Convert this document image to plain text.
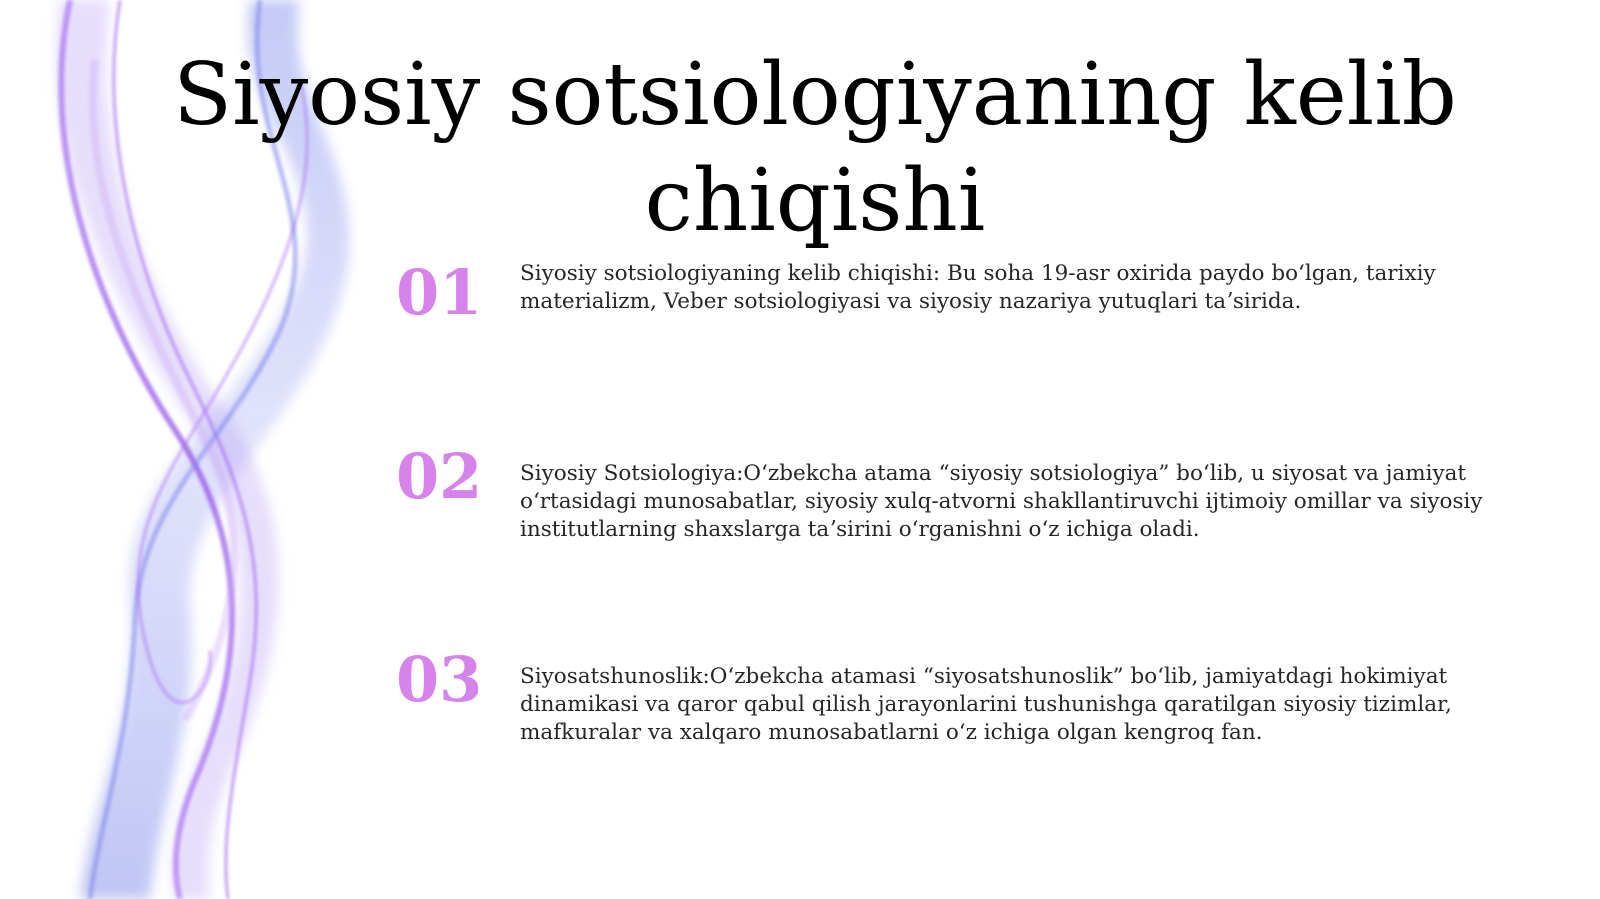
Siyosiy sotsiologiyaning kelib chiqishi
01 Siyosiy sotsiologiyaning kelib chiqishi: Bu soha 19-asr oxirida paydo boʻlgan, tarixiy materializm, Veber sotsiologiyasi va siyosiy nazariya yutuqlari taʼsirida.

02 Siyosiy Sotsiologiya:Oʻzbekcha atama “siyosiy sotsiologiya” boʻlib, u siyosat va jamiyat oʻrtasidagi munosabatlar, siyosiy xulq-atvorni shakllantiruvchi ijtimoiy omillar va siyosiy institutlarning shaxslarga taʼsirini oʻrganishni oʻz ichiga oladi.

03 Siyosatshunoslik:Oʻzbekcha atamasi “siyosatshunoslik” boʻlib, jamiyatdagi hokimiyat dinamikasi va qaror qabul qilish jarayonlarini tushunishga qaratilgan siyosiy tizimlar, mafkuralar va xalqaro munosabatlarni oʻz ichiga olgan kengroq fan.
